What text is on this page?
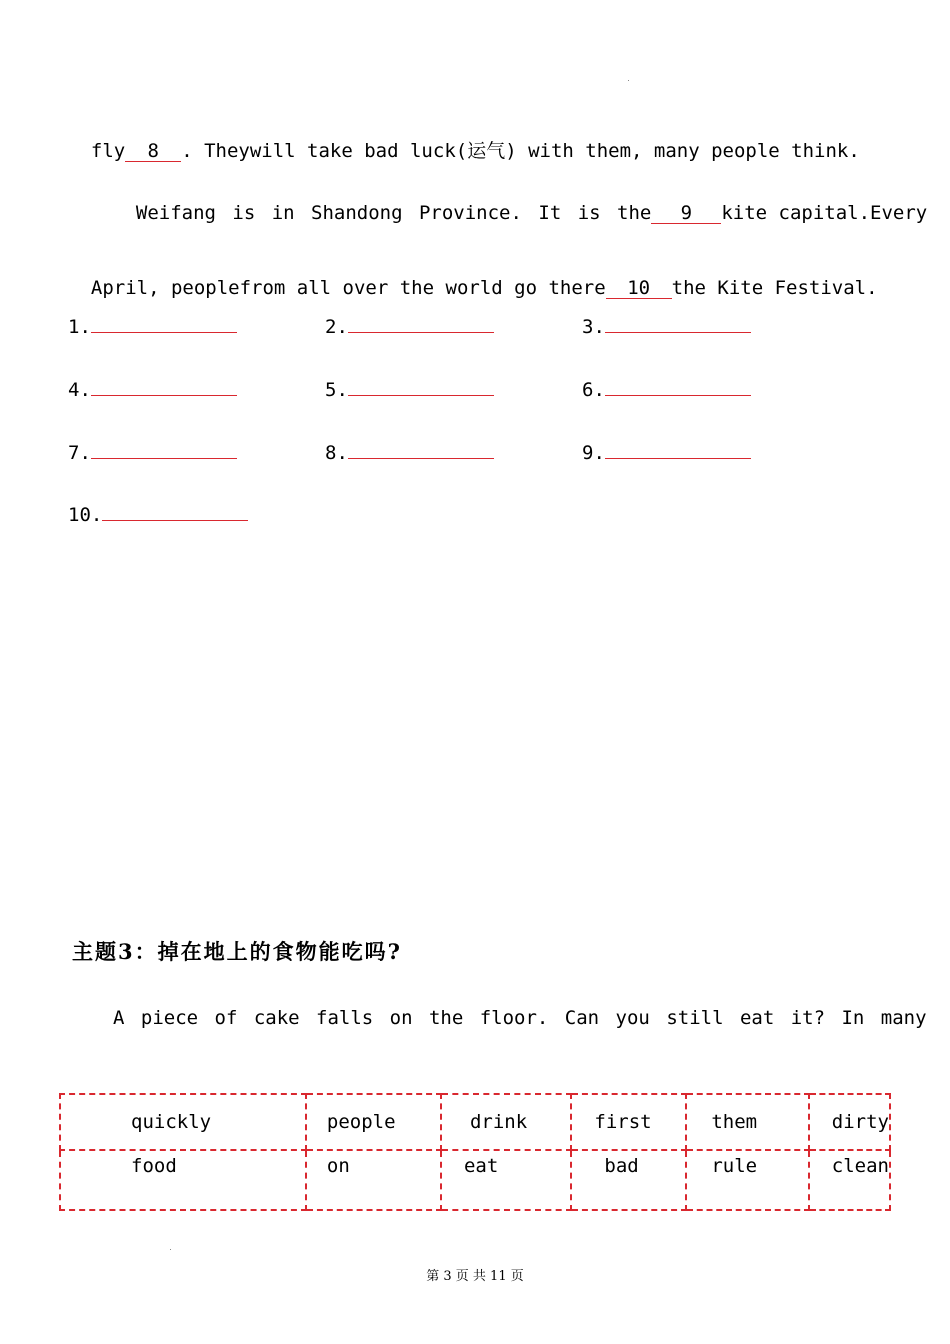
fly 8 . Theywill take bad luck(运气) with them, many people think.

Weifang is in Shandong Province. It is the 9 kite capital.Every

April, peoplefrom all over the world go there 10 the Kite Festival.

1.	2.	3.
4.	5.	6.
7.	8.	9.
10.
主题3：掉在地上的食物能吃吗?
A piece of cake falls on the floor. Can you still eat it? In many
quickly	people	drink	first	them	dirty
food	on	eat	bad	rule	clean
第 3 页 共 11 页
